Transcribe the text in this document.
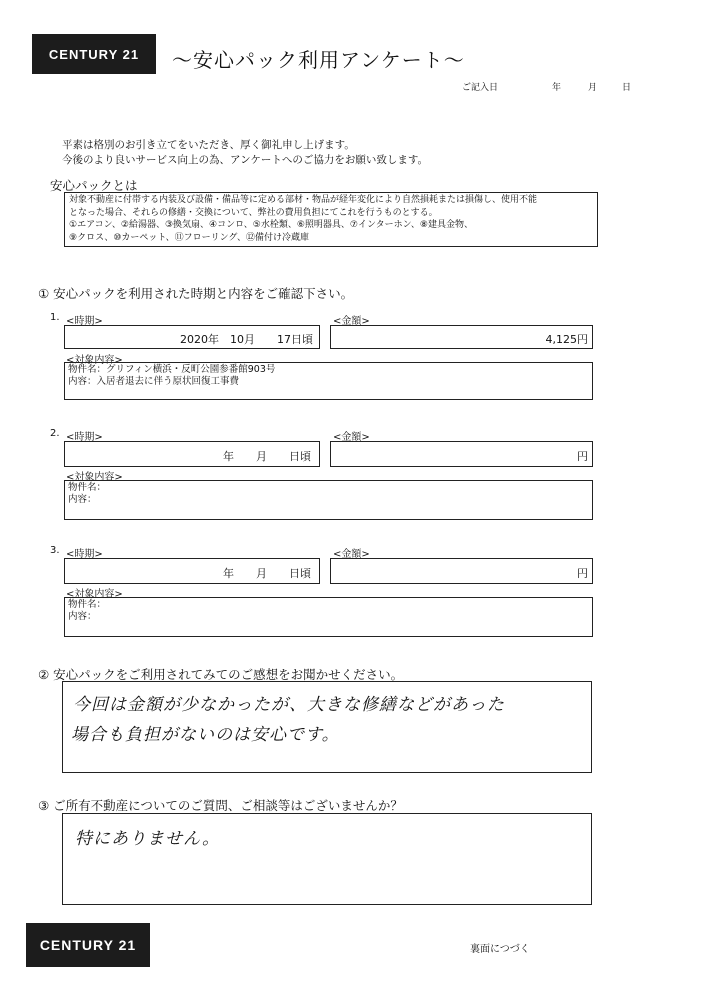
CENTURY 21 ～安心パック利用アンケート～
ご記入日	年	月	日
平素は格別のお引き立てをいただき、厚く御礼申し上げます。
今後のより良いサービス向上の為、アンケートへのご協力をお願い致します。
安心パックとは
対象不動産に付帯する内装及び設備・備品等に定める部材・物品が経年変化により自然損耗または損傷し、使用不能
となった場合、それらの修繕・交換について、弊社の費用負担にてこれを行うものとする。
①エアコン、②給湯器、③換気扇、④コンロ、⑤水栓類、⑥照明器具、⑦インターホン、⑧建具金物、
⑨クロス、⑩カーペット、⑪フローリング、⑫備付け冷蔵庫
① 安心パックを利用された時期と内容をご確認下さい。
1. <時期>	<金額>
2020年　10月　　17日頃	4,125円
<対象内容>
物件名：グリフィン横浜・反町公園参番館903号
内容：入居者退去に伴う原状回復工事費
2. <時期>	<金額>
年　　月　　日頃	円
<対象内容>
物件名：
内容：
3. <時期>	<金額>
年　　月　　日頃	円
<対象内容>
物件名：
内容：
② 安心パックをご利用されてみてのご感想をお聞かせください。
今回は金額が少なかったが、大きな修繕などがあった
場合も負担がないのは安心です。
③ ご所有不動産についてのご質問、ご相談等はございませんか？
特にありません。
CENTURY 21	裏面につづく
